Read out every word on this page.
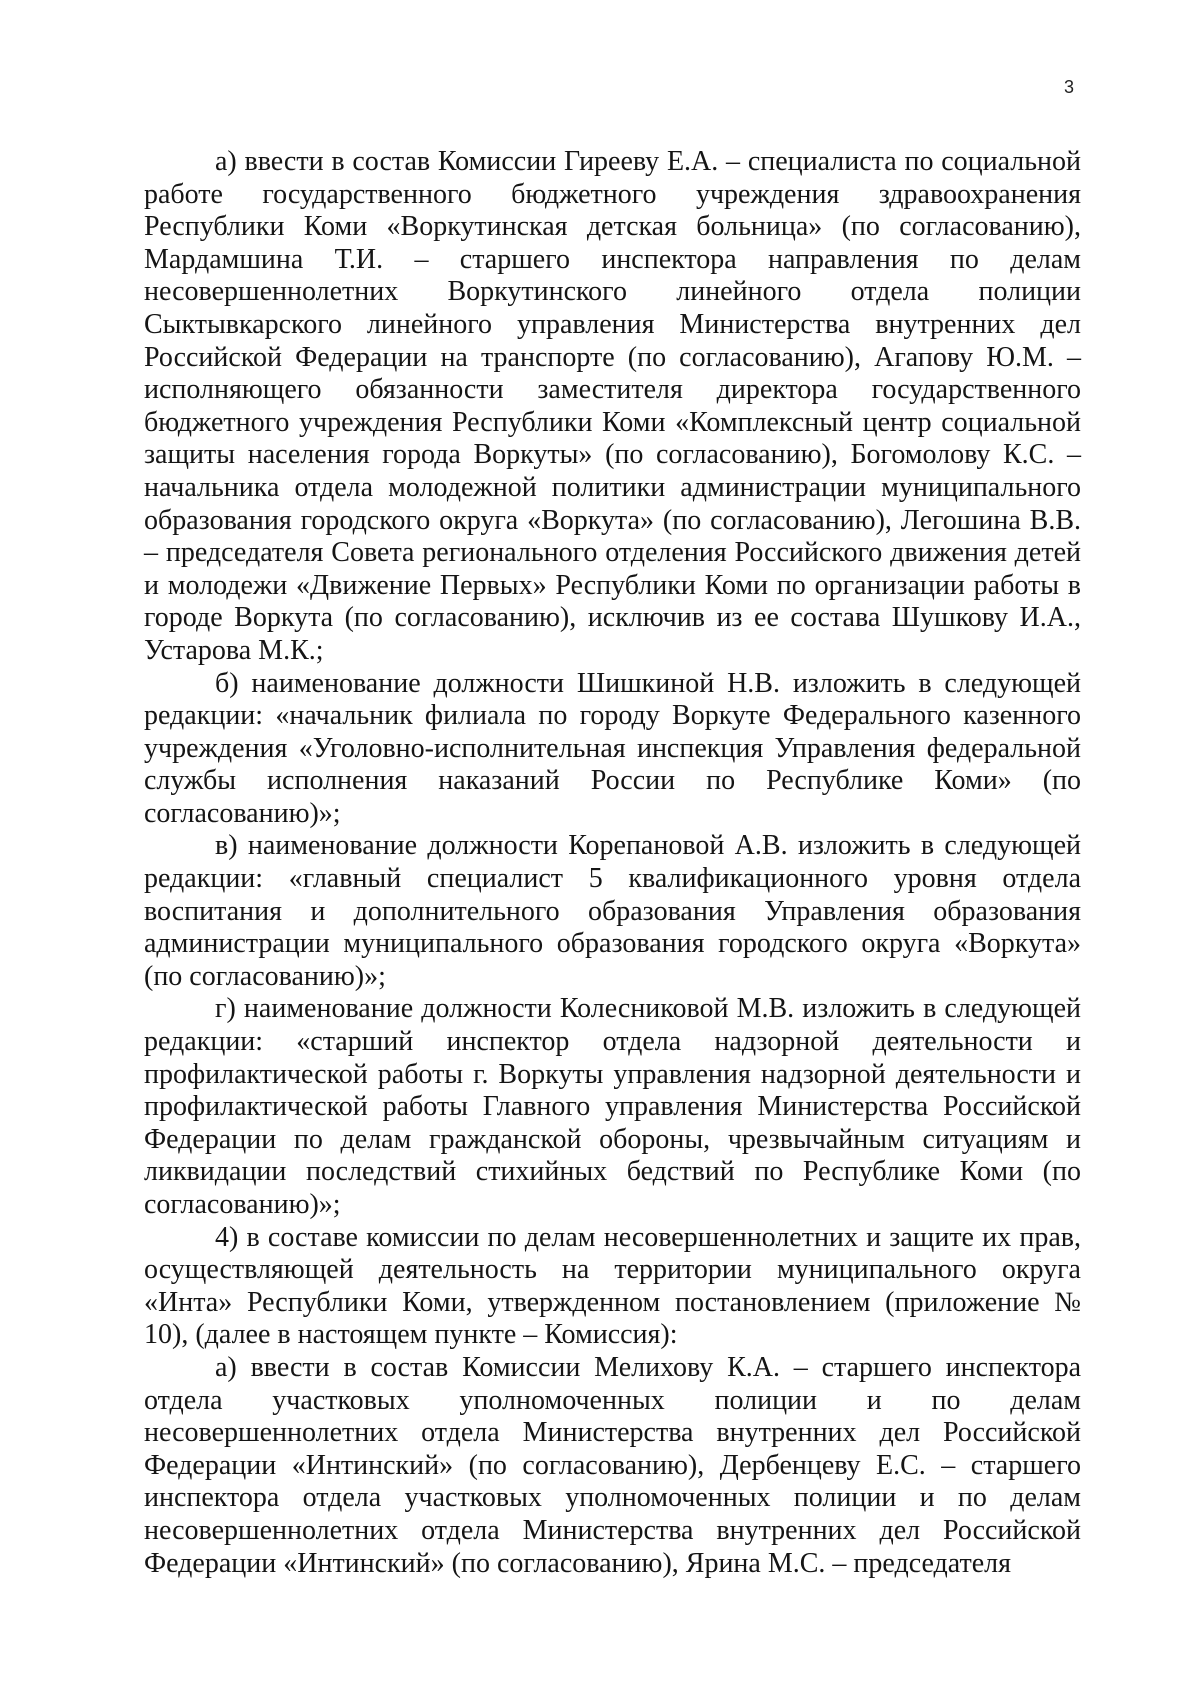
3

а) ввести в состав Комиссии Гирееву Е.А. – специалиста по социальной работе государственного бюджетного учреждения здравоохранения Республики Коми «Воркутинская детская больница» (по согласованию), Мардамшина Т.И. – старшего инспектора направления по делам несовершеннолетних Воркутинского линейного отдела полиции Сыктывкарского линейного управления Министерства внутренних дел Российской Федерации на транспорте (по согласованию), Агапову Ю.М. – исполняющего обязанности заместителя директора государственного бюджетного учреждения Республики Коми «Комплексный центр социальной защиты населения города Воркуты» (по согласованию), Богомолову К.С. – начальника отдела молодежной политики администрации муниципального образования городского округа «Воркута» (по согласованию), Легошина В.В. – председателя Совета регионального отделения Российского движения детей и молодежи «Движение Первых» Республики Коми по организации работы в городе Воркута (по согласованию), исключив из ее состава Шушкову И.А., Устарова М.К.;

б) наименование должности Шишкиной Н.В. изложить в следующей редакции: «начальник филиала по городу Воркуте Федерального казенного учреждения «Уголовно-исполнительная инспекция Управления федеральной службы исполнения наказаний России по Республике Коми» (по согласованию)»;

в) наименование должности Корепановой А.В. изложить в следующей редакции: «главный специалист 5 квалификационного уровня отдела воспитания и дополнительного образования Управления образования администрации муниципального образования городского округа «Воркута» (по согласованию)»;

г) наименование должности Колесниковой М.В. изложить в следующей редакции: «старший инспектор отдела надзорной деятельности и профилактической работы г. Воркуты управления надзорной деятельности и профилактической работы Главного управления Министерства Российской Федерации по делам гражданской обороны, чрезвычайным ситуациям и ликвидации последствий стихийных бедствий по Республике Коми (по согласованию)»;

4) в составе комиссии по делам несовершеннолетних и защите их прав, осуществляющей деятельность на территории муниципального округа «Инта» Республики Коми, утвержденном постановлением (приложение № 10), (далее в настоящем пункте – Комиссия):

а) ввести в состав Комиссии Мелихову К.А. – старшего инспектора отдела участковых уполномоченных полиции и по делам несовершеннолетних отдела Министерства внутренних дел Российской Федерации «Интинский» (по согласованию), Дербенцеву Е.С. – старшего инспектора отдела участковых уполномоченных полиции и по делам несовершеннолетних отдела Министерства внутренних дел Российской Федерации «Интинский» (по согласованию), Ярина М.С. – председателя
